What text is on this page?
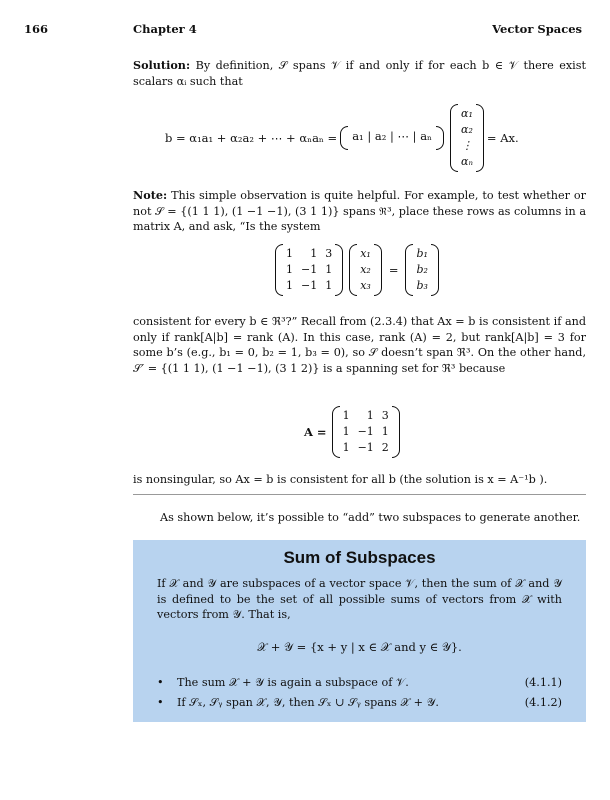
166	Chapter 4	Vector Spaces
Solution: By definition, 𝒮 spans 𝒱 if and only if for each b ∈ 𝒱 there exist scalars αᵢ such that
b = α₁a₁ + α₂a₂ + ⋯ + αₙaₙ =	a₁ | a₂ | ⋯ | aₙ
α₁
α₂
⋮
αₙ
= Ax.
Note: This simple observation is quite helpful. For example, to test whether or not 𝒮 = {(1 1 1), (1 −1 −1), (3 1 1)} spans ℜ³, place these rows as columns in a matrix A, and ask, “Is the system
1	1 3
1 −1 1
1 −1 1
x₁
x₂
x₃
=
b₁
b₂
b₃
consistent for every b ∈ ℜ³?” Recall from (2.3.4) that Ax = b is consistent if and only if rank[A|b] = rank (A). In this case, rank (A) = 2, but rank[A|b] = 3 for some b’s (e.g., b₁ = 0, b₂ = 1, b₃ = 0), so 𝒮 doesn’t span ℜ³. On the other hand, 𝒮′ = {(1 1 1), (1 −1 −1), (3 1 2)} is a spanning set for ℜ³ because
A =
1	1 3
1 −1 1
1 −1 2
is nonsingular, so Ax = b is consistent for all b (the solution is x = A⁻¹b ).
As shown below, it’s possible to “add” two subspaces to generate another.
Sum of Subspaces
If 𝒳 and 𝒴 are subspaces of a vector space 𝒱, then the sum of 𝒳 and 𝒴 is defined to be the set of all possible sums of vectors from 𝒳 with vectors from 𝒴. That is,
𝒳 + 𝒴 = {x + y | x ∈ 𝒳 and y ∈ 𝒴}.
•	The sum 𝒳 + 𝒴 is again a subspace of 𝒱.	(4.1.1)
•	If 𝒮ₓ, 𝒮ᵧ span 𝒳, 𝒴, then 𝒮ₓ ∪ 𝒮ᵧ spans 𝒳 + 𝒴.	(4.1.2)
